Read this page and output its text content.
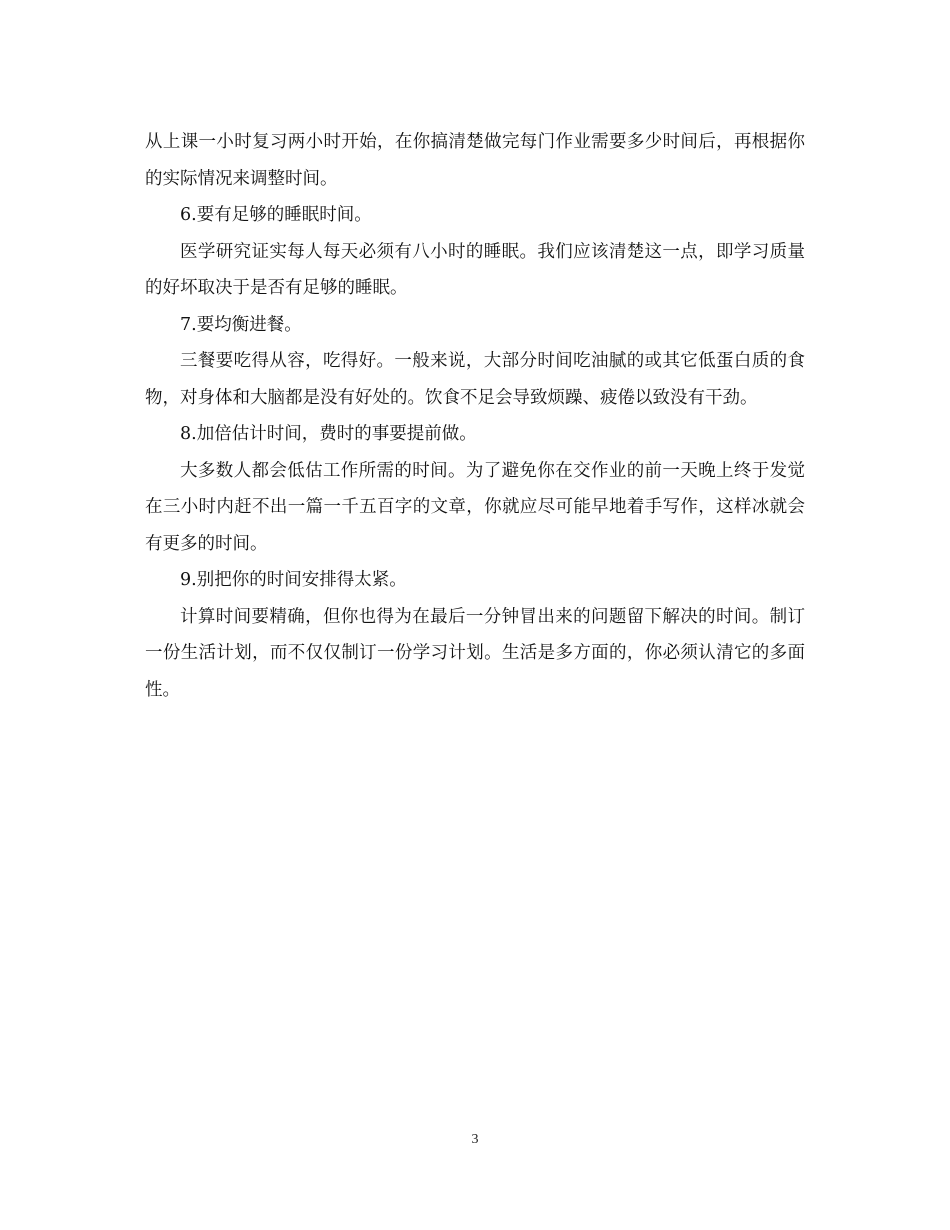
从上课一小时复习两小时开始，在你搞清楚做完每门作业需要多少时间后，再根据你的实际情况来调整时间。

6.要有足够的睡眠时间。

医学研究证实每人每天必须有八小时的睡眠。我们应该清楚这一点，即学习质量的好坏取决于是否有足够的睡眠。

7.要均衡进餐。

三餐要吃得从容，吃得好。一般来说，大部分时间吃油腻的或其它低蛋白质的食物，对身体和大脑都是没有好处的。饮食不足会导致烦躁、疲倦以致没有干劲。

8.加倍估计时间，费时的事要提前做。

大多数人都会低估工作所需的时间。为了避免你在交作业的前一天晚上终于发觉在三小时内赶不出一篇一千五百字的文章，你就应尽可能早地着手写作，这样冰就会有更多的时间。

9.别把你的时间安排得太紧。

计算时间要精确，但你也得为在最后一分钟冒出来的问题留下解决的时间。制订一份生活计划，而不仅仅制订一份学习计划。生活是多方面的，你必须认清它的多面性。

3
